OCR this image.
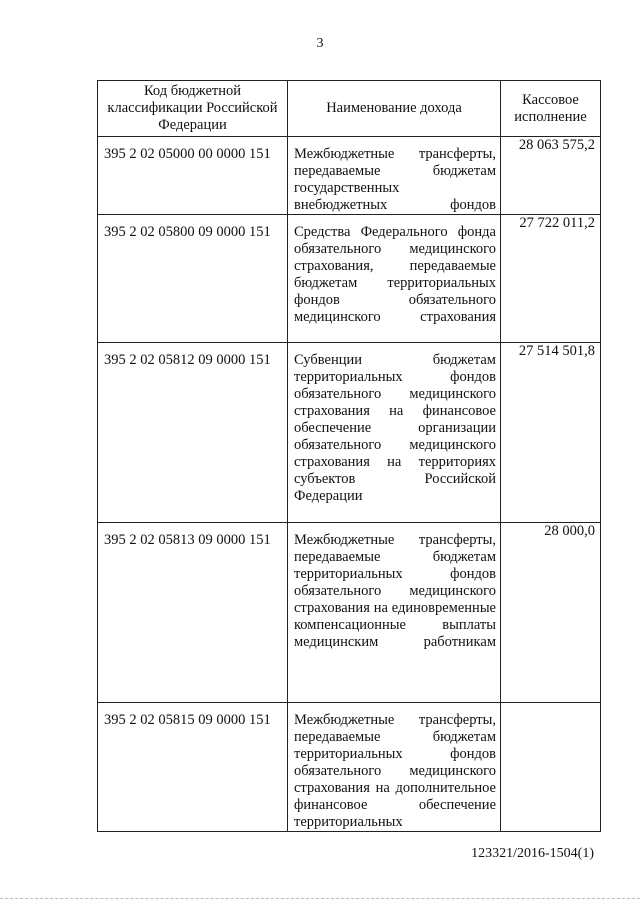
3
Код бюджетной классификации Российской Федерации	Наименование дохода	Кассовое исполнение
395 2 02 05000 00 0000 151	Межбюджетные трансферты, передаваемые бюджетам государственных внебюджетных фондов	28 063 575,2
395 2 02 05800 09 0000 151	Средства Федерального фонда обязательного медицинского страхования, передаваемые бюджетам территориальных фондов обязательного медицинского страхования	27 722 011,2
395 2 02 05812 09 0000 151	Субвенции бюджетам территориальных фондов обязательного медицинского страхования на финансовое обеспечение организации обязательного медицинского страхования на территориях субъектов Российской Федерации	27 514 501,8
395 2 02 05813 09 0000 151	Межбюджетные трансферты, передаваемые бюджетам территориальных фондов обязательного медицинского страхования на единовременные компенсационные выплаты медицинским работникам	28 000,0
395 2 02 05815 09 0000 151	Межбюджетные трансферты, передаваемые бюджетам территориальных фондов обязательного медицинского страхования на дополнительное финансовое обеспечение территориальных	
123321/2016-1504(1)
